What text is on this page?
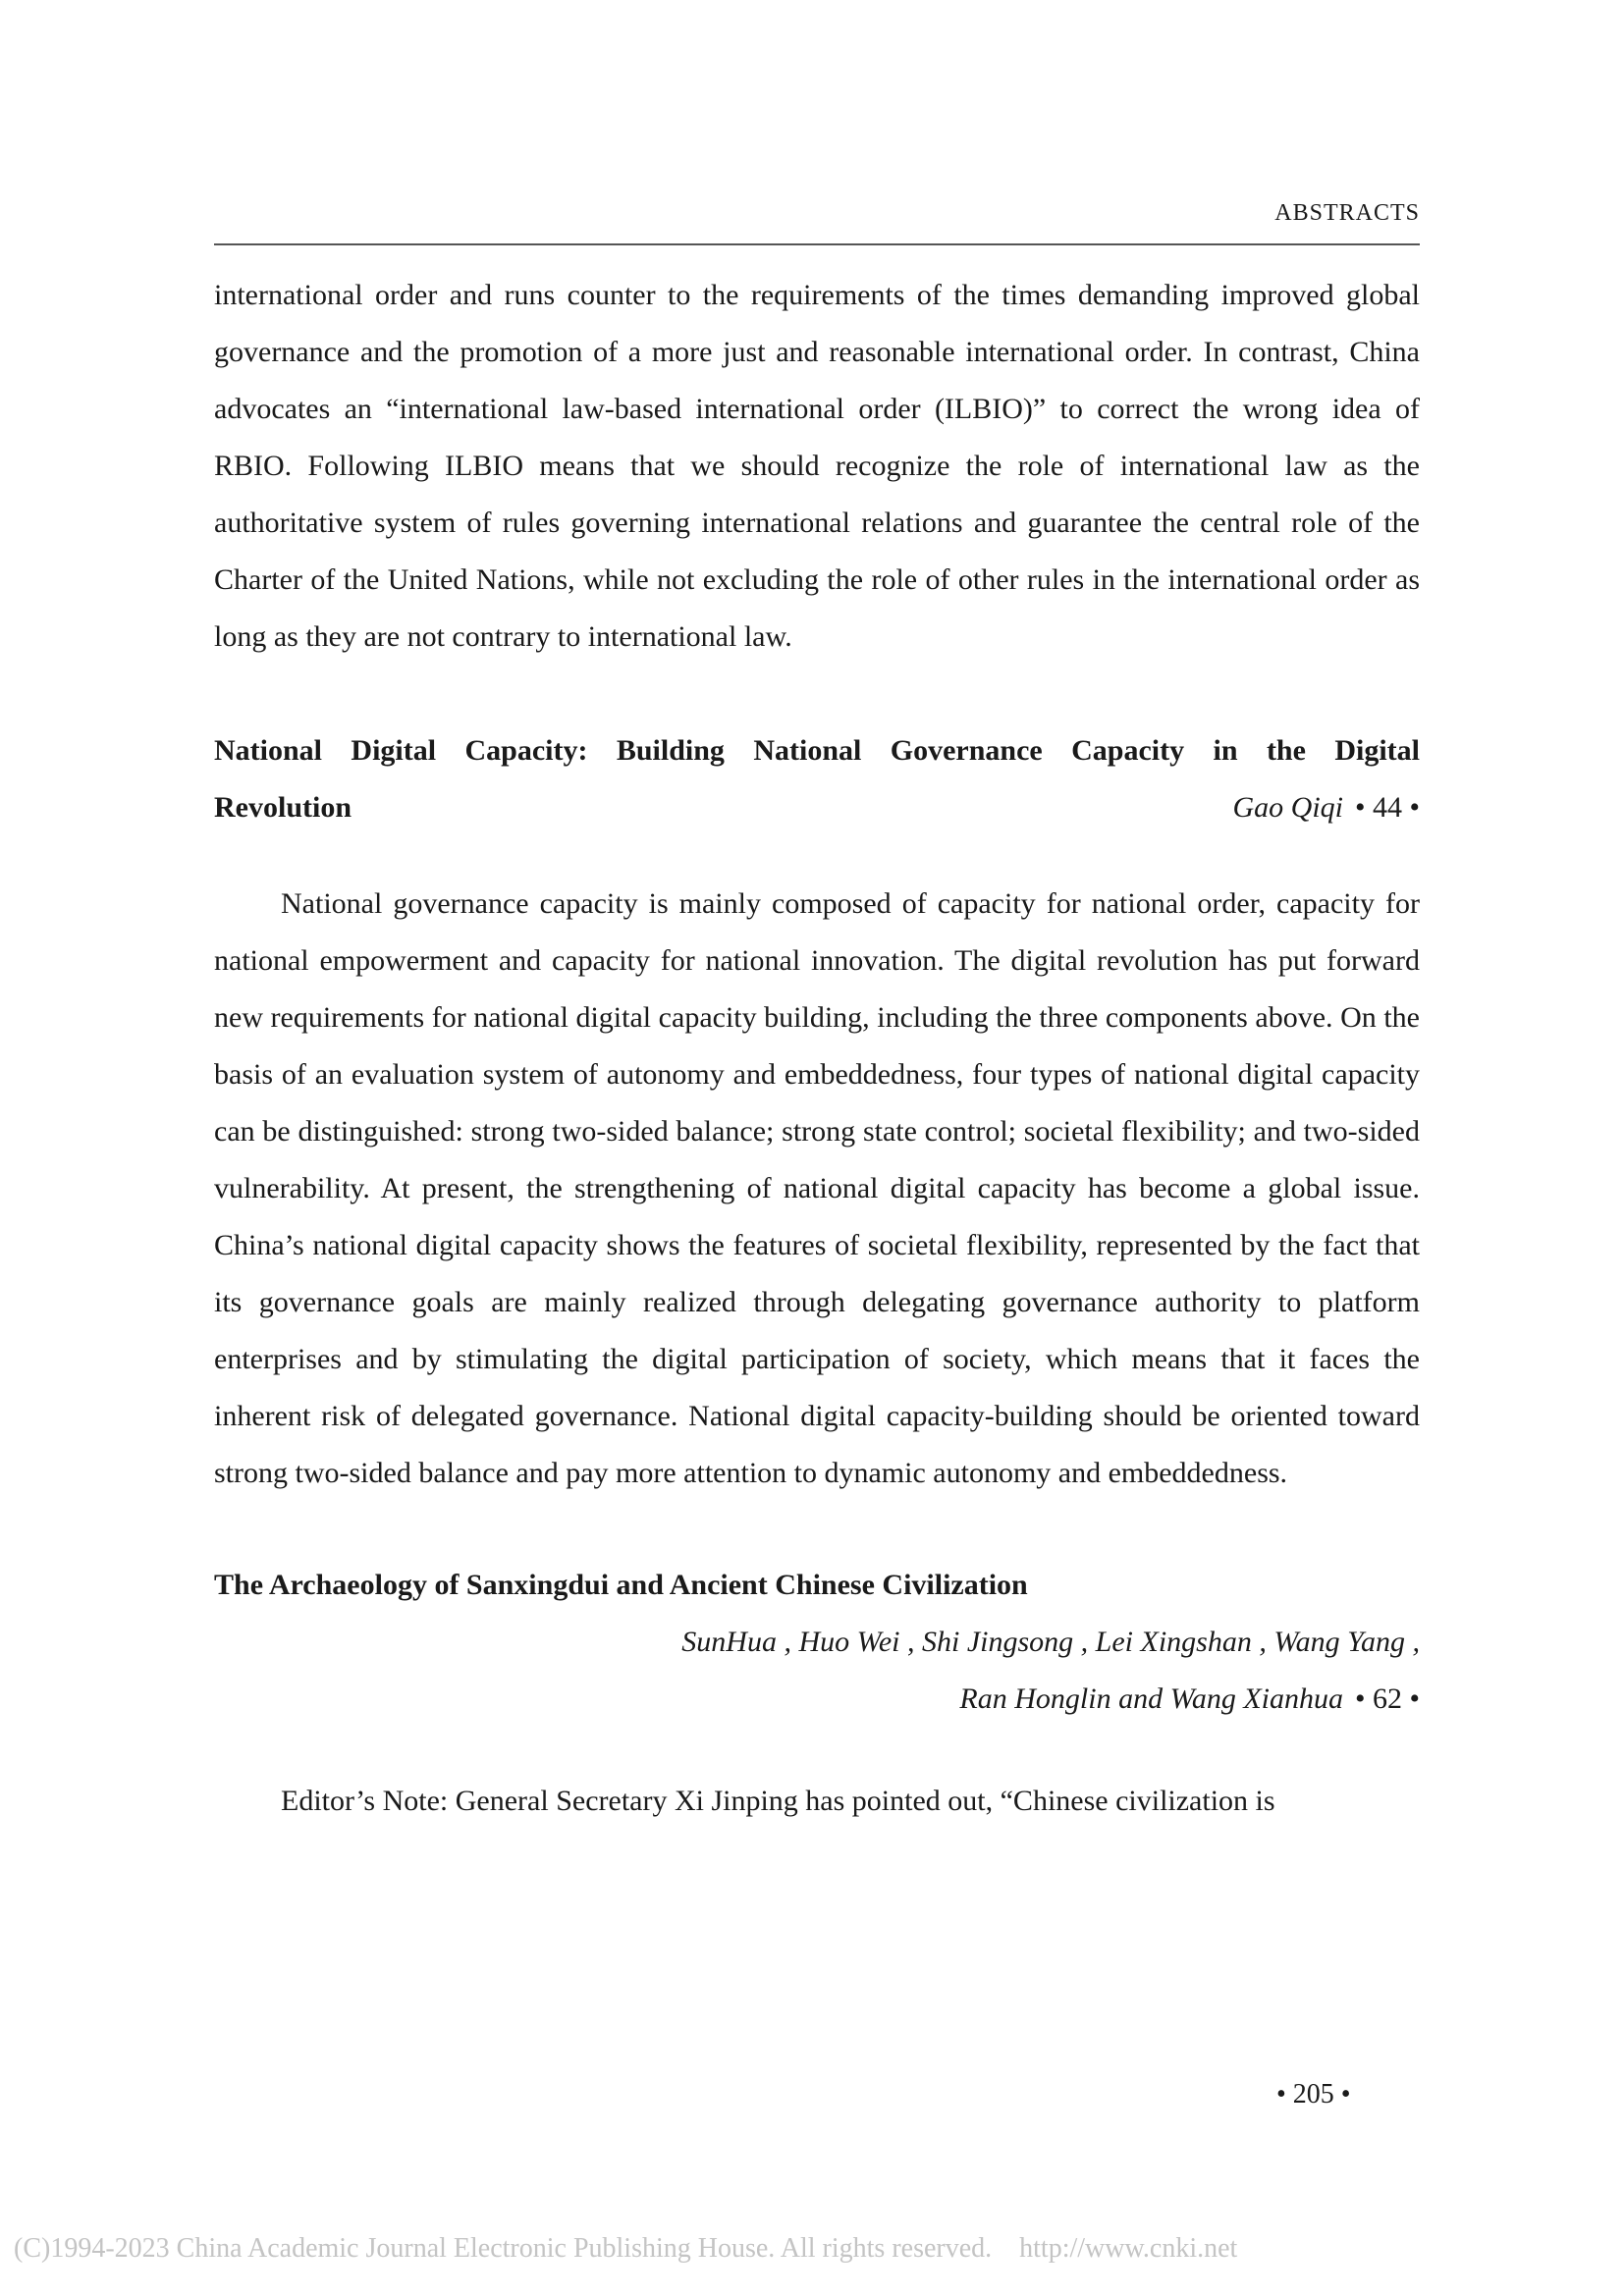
ABSTRACTS

international order and runs counter to the requirements of the times demanding improved global governance and the promotion of a more just and reasonable international order. In contrast, China advocates an “international law-based international order (ILBIO)” to correct the wrong idea of RBIO. Following ILBIO means that we should recognize the role of international law as the authoritative system of rules governing international relations and guarantee the central role of the Charter of the United Nations, while not excluding the role of other rules in the international order as long as they are not contrary to international law.

National Digital Capacity: Building National Governance Capacity in the Digital

Revolution	Gao Qiqi • 44 •

National governance capacity is mainly composed of capacity for national order, capacity for national empowerment and capacity for national innovation. The digital revolution has put forward new requirements for national digital capacity building, including the three components above. On the basis of an evaluation system of autonomy and embeddedness, four types of national digital capacity can be distinguished: strong two-sided balance; strong state control; societal flexibility; and two-sided vulnerability. At present, the strengthening of national digital capacity has become a global issue. China’s national digital capacity shows the features of societal flexibility, represented by the fact that its governance goals are mainly realized through delegating governance authority to platform enterprises and by stimulating the digital participation of society, which means that it faces the inherent risk of delegated governance. National digital capacity-building should be oriented toward strong two-sided balance and pay more attention to dynamic autonomy and embeddedness.

The Archaeology of Sanxingdui and Ancient Chinese Civilization

SunHua , Huo Wei , Shi Jingsong , Lei Xingshan , Wang Yang ,
Ran Honglin and Wang Xianhua • 62 •

Editor’s Note: General Secretary Xi Jinping has pointed out, “Chinese civilization is

• 205 •
(C)1994-2023 China Academic Journal Electronic Publishing House. All rights reserved. http://www.cnki.net
